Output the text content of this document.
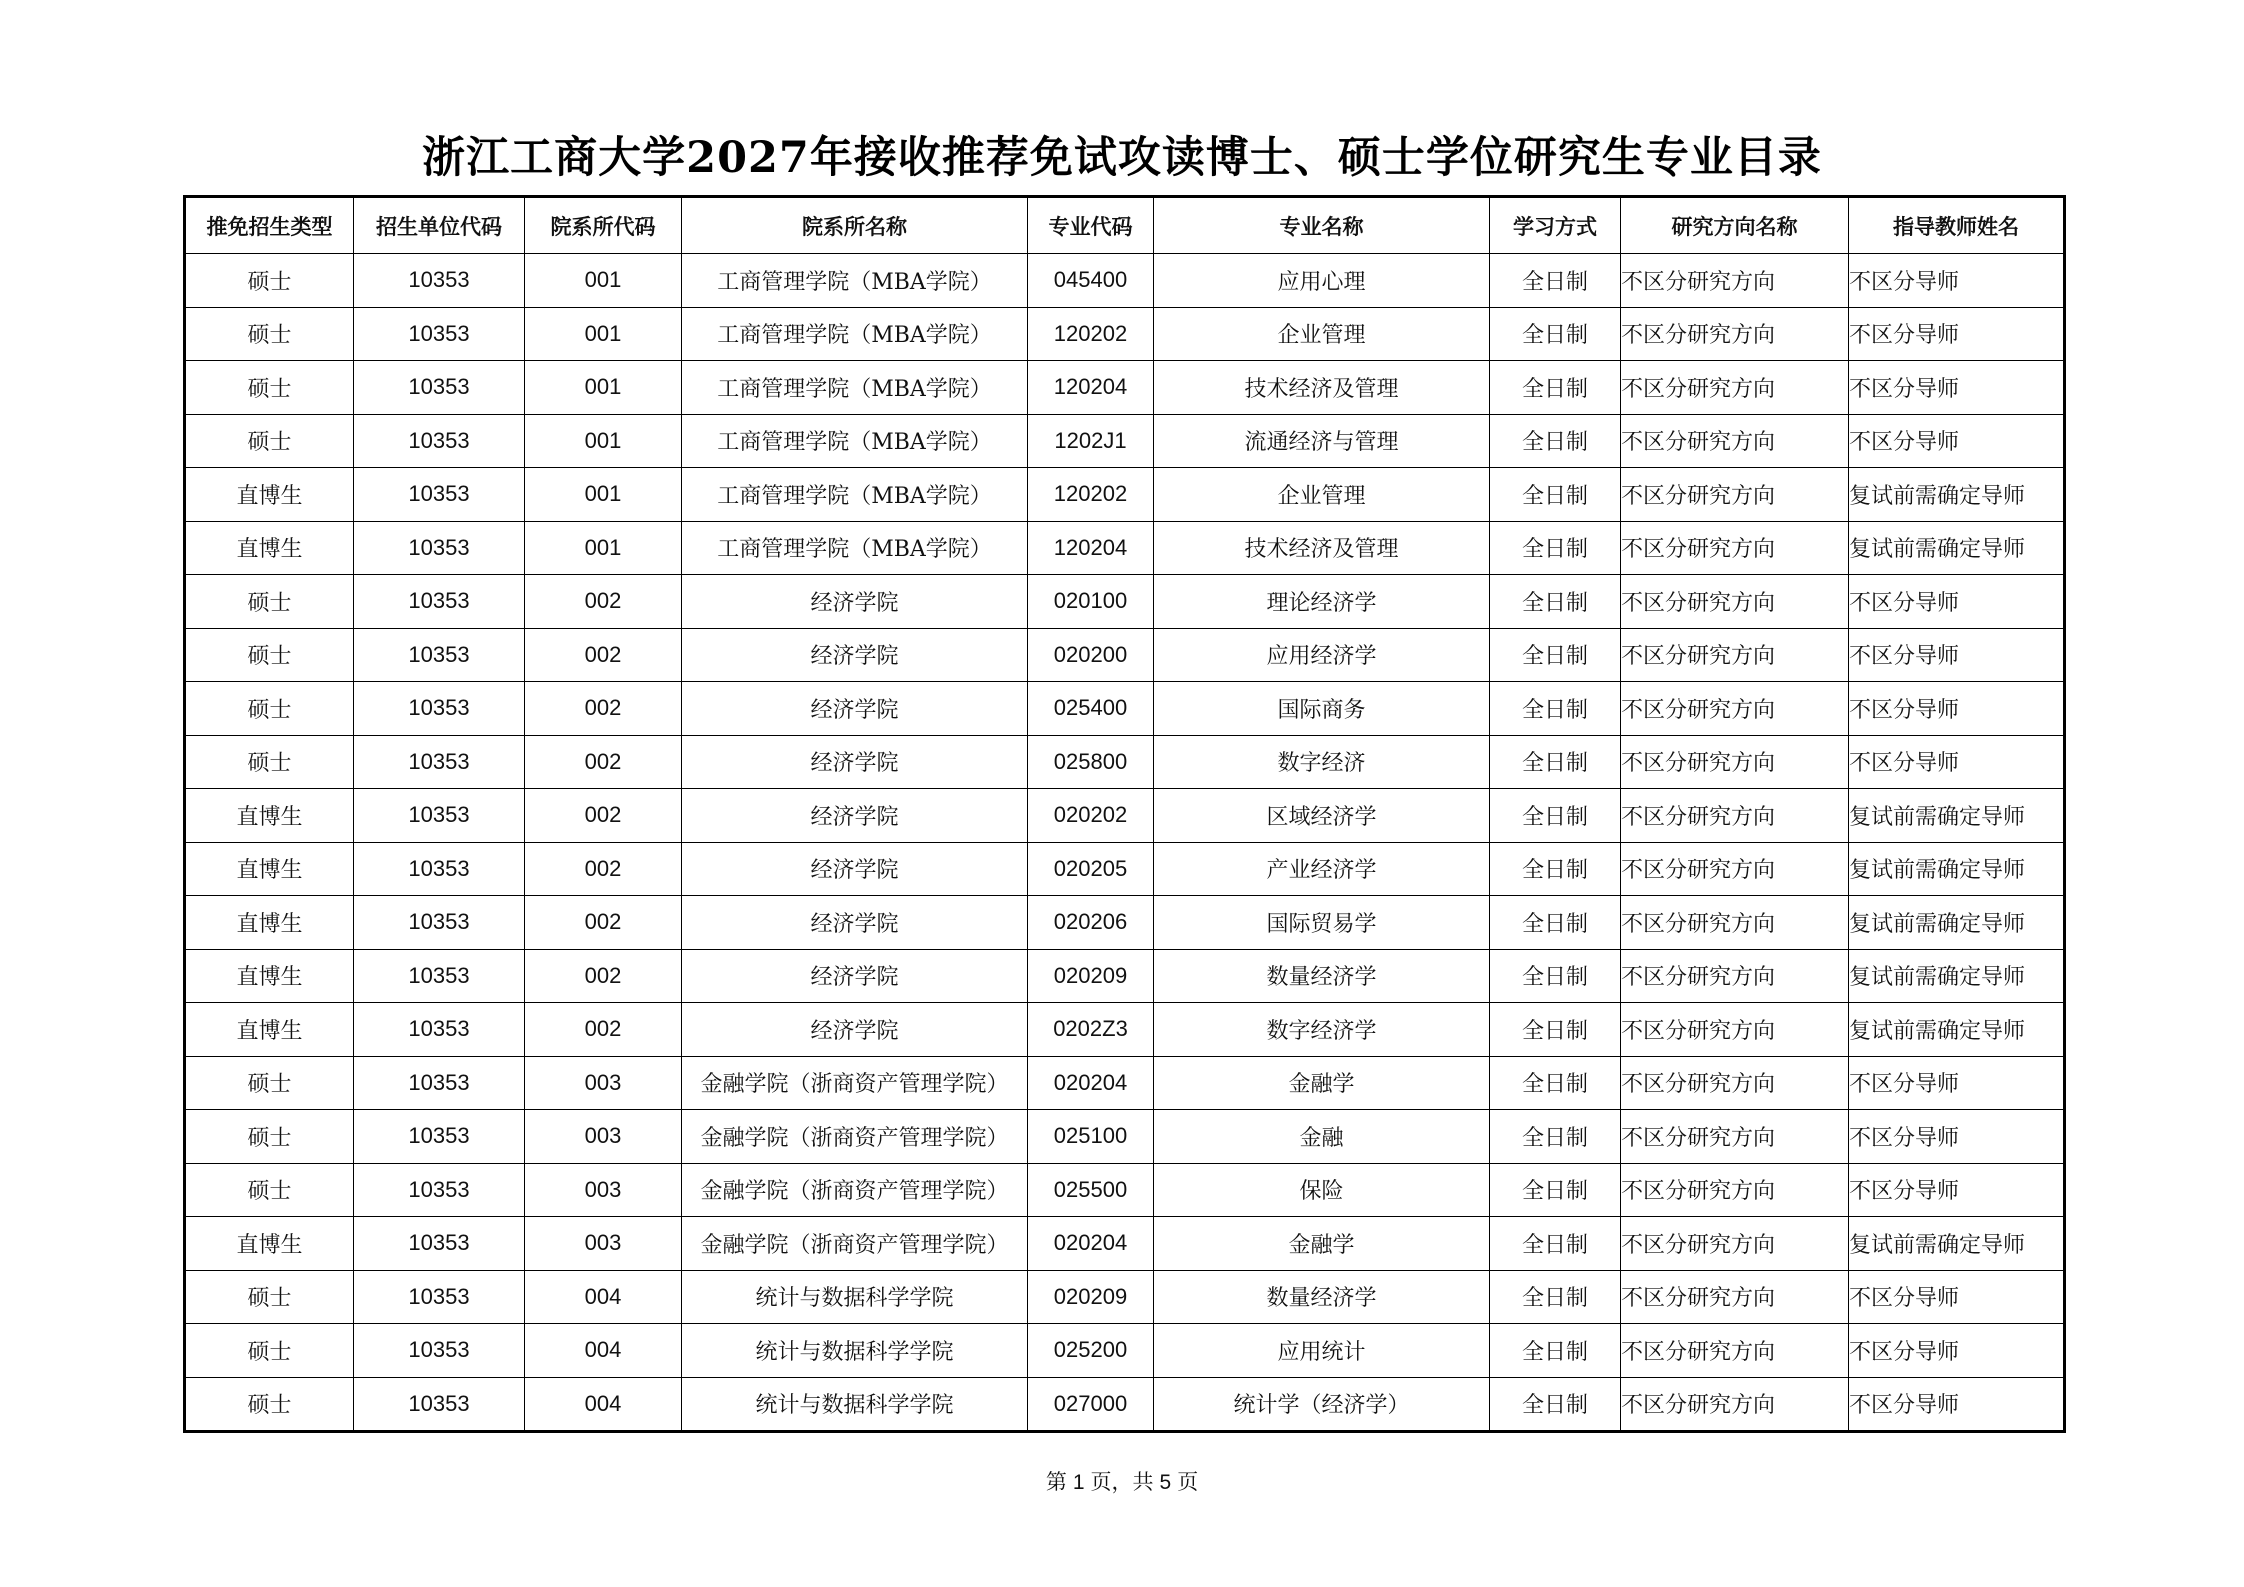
浙江工商大学2027年接收推荐免试攻读博士、硕士学位研究生专业目录
推免招生类型	招生单位代码	院系所代码	院系所名称	专业代码	专业名称	学习方式	研究方向名称	指导教师姓名
硕士	10353	001	工商管理学院（MBA学院）	045400	应用心理	全日制	不区分研究方向	不区分导师
硕士	10353	001	工商管理学院（MBA学院）	120202	企业管理	全日制	不区分研究方向	不区分导师
硕士	10353	001	工商管理学院（MBA学院）	120204	技术经济及管理	全日制	不区分研究方向	不区分导师
硕士	10353	001	工商管理学院（MBA学院）	1202J1	流通经济与管理	全日制	不区分研究方向	不区分导师
直博生	10353	001	工商管理学院（MBA学院）	120202	企业管理	全日制	不区分研究方向	复试前需确定导师
直博生	10353	001	工商管理学院（MBA学院）	120204	技术经济及管理	全日制	不区分研究方向	复试前需确定导师
硕士	10353	002	经济学院	020100	理论经济学	全日制	不区分研究方向	不区分导师
硕士	10353	002	经济学院	020200	应用经济学	全日制	不区分研究方向	不区分导师
硕士	10353	002	经济学院	025400	国际商务	全日制	不区分研究方向	不区分导师
硕士	10353	002	经济学院	025800	数字经济	全日制	不区分研究方向	不区分导师
直博生	10353	002	经济学院	020202	区域经济学	全日制	不区分研究方向	复试前需确定导师
直博生	10353	002	经济学院	020205	产业经济学	全日制	不区分研究方向	复试前需确定导师
直博生	10353	002	经济学院	020206	国际贸易学	全日制	不区分研究方向	复试前需确定导师
直博生	10353	002	经济学院	020209	数量经济学	全日制	不区分研究方向	复试前需确定导师
直博生	10353	002	经济学院	0202Z3	数字经济学	全日制	不区分研究方向	复试前需确定导师
硕士	10353	003	金融学院（浙商资产管理学院）	020204	金融学	全日制	不区分研究方向	不区分导师
硕士	10353	003	金融学院（浙商资产管理学院）	025100	金融	全日制	不区分研究方向	不区分导师
硕士	10353	003	金融学院（浙商资产管理学院）	025500	保险	全日制	不区分研究方向	不区分导师
直博生	10353	003	金融学院（浙商资产管理学院）	020204	金融学	全日制	不区分研究方向	复试前需确定导师
硕士	10353	004	统计与数据科学学院	020209	数量经济学	全日制	不区分研究方向	不区分导师
硕士	10353	004	统计与数据科学学院	025200	应用统计	全日制	不区分研究方向	不区分导师
硕士	10353	004	统计与数据科学学院	027000	统计学（经济学）	全日制	不区分研究方向	不区分导师
第 1 页，共 5 页
